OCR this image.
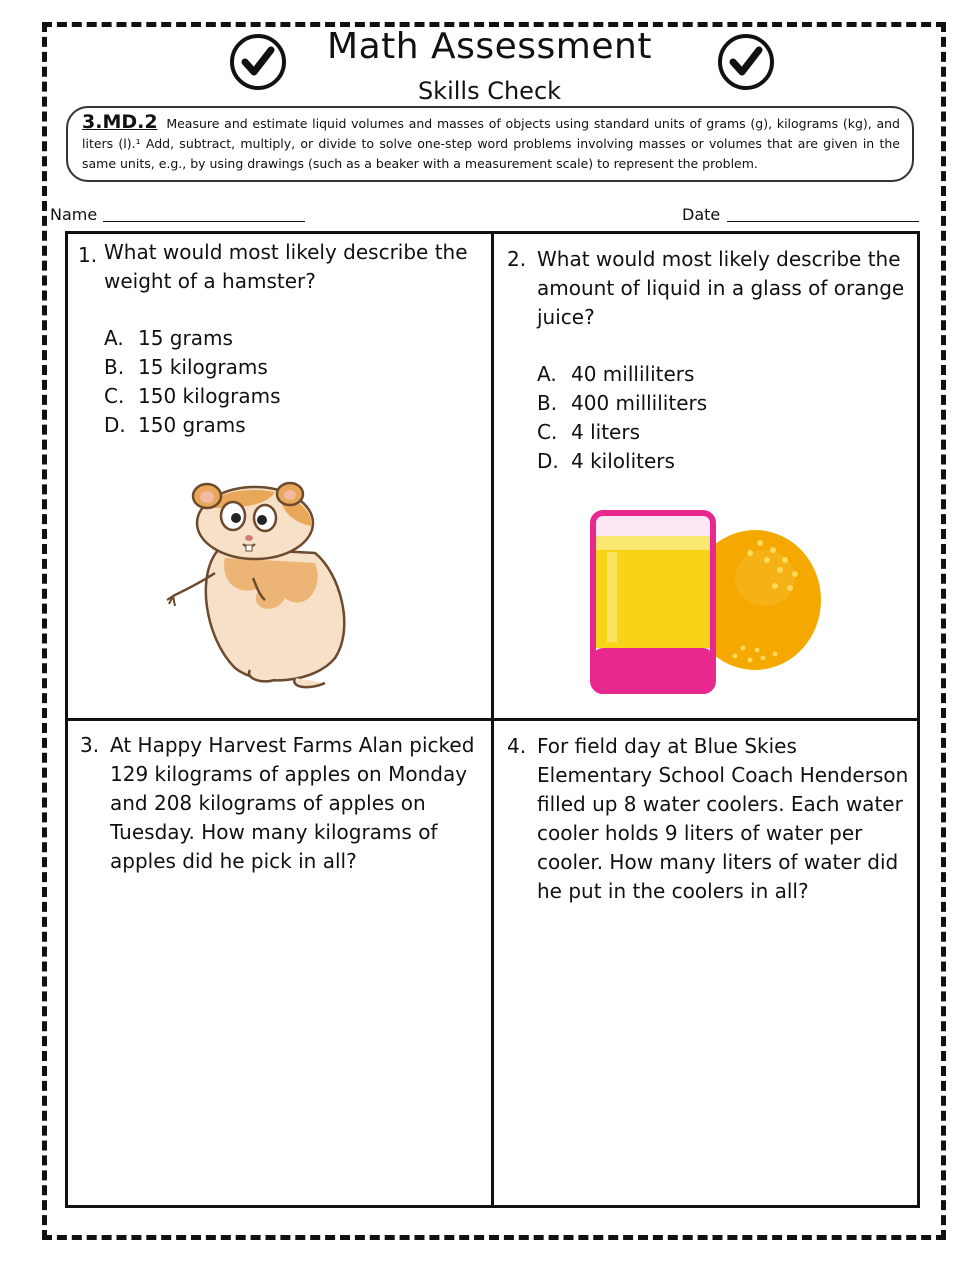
Math Assessment
Skills Check
3.MD.2 Measure and estimate liquid volumes and masses of objects using standard units of grams (g), kilograms (kg), and liters (l).¹ Add, subtract, multiply, or divide to solve one-step word problems involving masses or volumes that are given in the same units, e.g., by using drawings (such as a beaker with a measurement scale) to represent the problem.
Name	Date
1. What would most likely describe the weight of a hamster?
A. 15 grams
B. 15 kilograms
C. 150 kilograms
D. 150 grams
2. What would most likely describe the amount of liquid in a glass of orange juice?
A. 40 milliliters
B. 400 milliliters
C. 4 liters
D. 4 kiloliters
3. At Happy Harvest Farms Alan picked 129 kilograms of apples on Monday and 208 kilograms of apples on Tuesday. How many kilograms of apples did he pick in all?
4. For field day at Blue Skies Elementary School Coach Henderson filled up 8 water coolers. Each water cooler holds 9 liters of water per cooler. How many liters of water did he put in the coolers in all?
